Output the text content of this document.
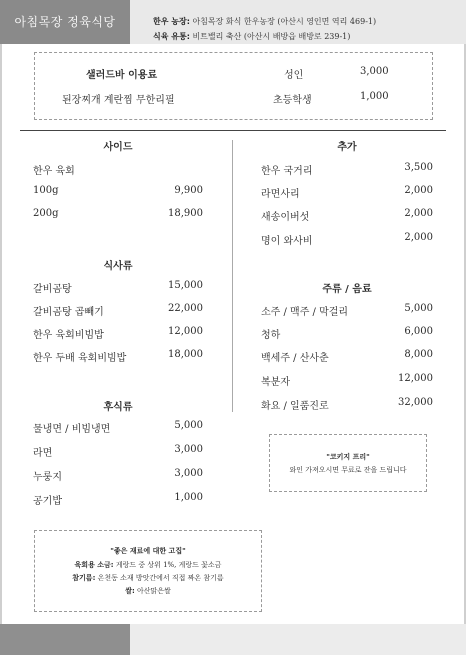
아침목장 정육식당	한우 농장: 아침목장 화식 한우농장 (아산시 영인면 역리 469-1)
식육 유통: 비트밸리 축산 (아산시 배방읍 배방로 239-1)
샐러드바 이용료
된장찌개 계란찜 무한리필
성인	3,000
초등학생	1,000
사이드
한우 육회
100g	9,900
200g	18,900
식사류
갈비곰탕	15,000
갈비곰탕 곱빼기	22,000
한우 육회비빔밥	12,000
한우 두배 육회비빔밥	18,000
후식류
물냉면 / 비빔냉면	5,000
라면	3,000
누룽지	3,000
공기밥	1,000
추가
한우 국거리	3,500
라면사리	2,000
새송이버섯	2,000
명이 와사비	2,000
주류 / 음료
소주 / 맥주 / 막걸리	5,000
청하	6,000
백세주 / 산사춘	8,000
복분자	12,000
화요 / 일품진로	32,000
"코키지 프리"
와인 가져오시면 무료로 잔을 드립니다
"좋은 재료에 대한 고집"
육회용 소금: 게랑드 중 상위 1%, 게랑드 꽃소금
참기름: 온천동 소재 방앗간에서 직접 짜온 참기름
쌀: 아산맑은쌀
